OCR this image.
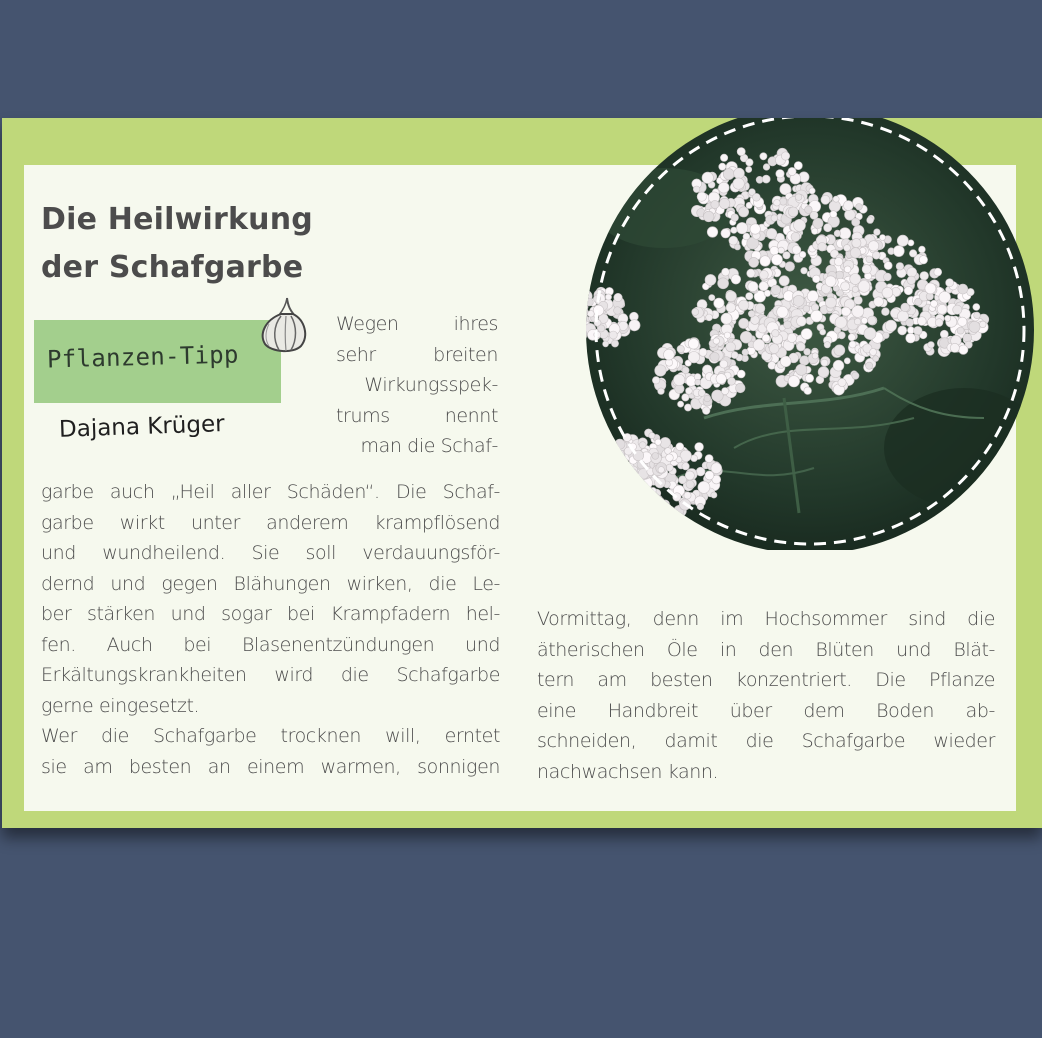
Die Heilwirkung
der Schafgarbe
Pflanzen-Tipp
Dajana Krüger
Wegen ihres
sehr breiten
Wirkungsspek-
trums nennt
man die Schaf-
garbe auch „Heil aller Schäden“. Die Schaf-
garbe wirkt unter anderem krampflösend
und wundheilend. Sie soll verdauungsför-
dernd und gegen Blähungen wirken, die Le-
ber stärken und sogar bei Krampfadern hel-
fen. Auch bei Blasenentzündungen und
Erkältungskrankheiten wird die Schafgarbe
gerne eingesetzt.
Wer die Schafgarbe trocknen will, erntet
sie am besten an einem warmen, sonnigen
Vormittag, denn im Hochsommer sind die
ätherischen Öle in den Blüten und Blät-
tern am besten konzentriert. Die Pflanze
eine Handbreit über dem Boden ab-
schneiden, damit die Schafgarbe wieder
nachwachsen kann.
